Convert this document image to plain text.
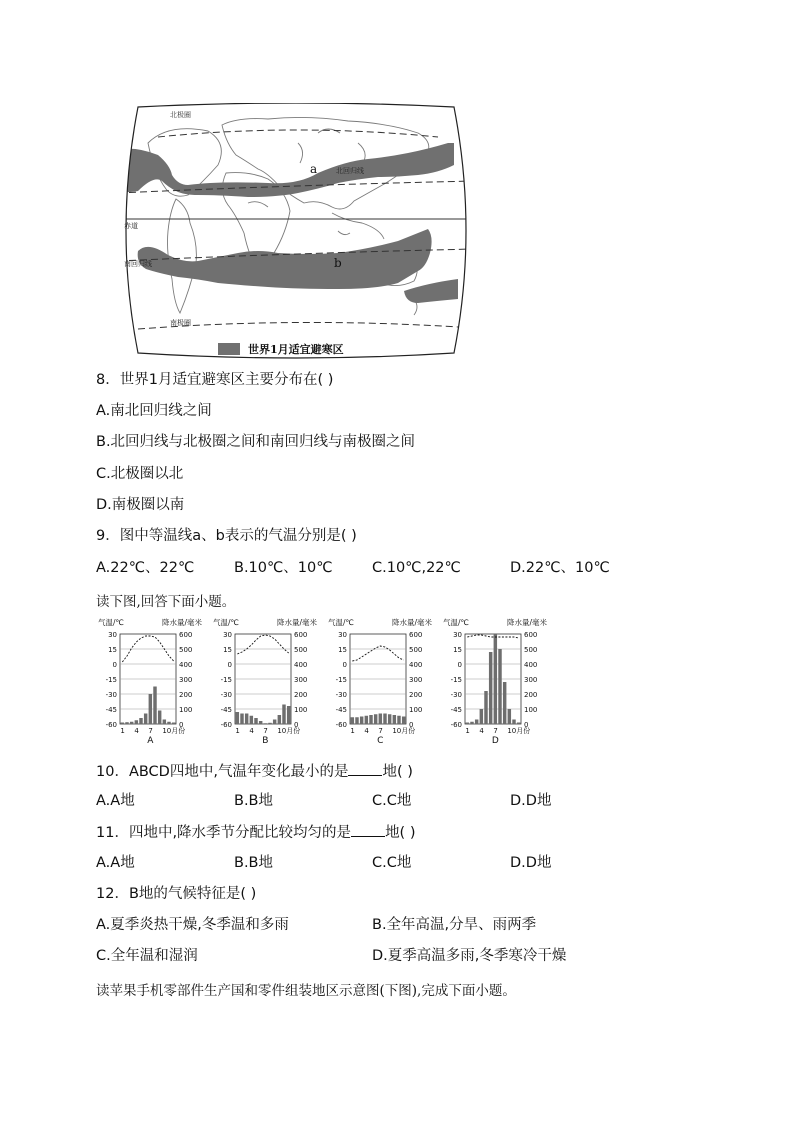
北极圈
北回归线
赤道
南回归线
南极圈
a
b
世界1月适宜避寒区
8．世界1月适宜避寒区主要分布在( )
A.南北回归线之间
B.北回归线与北极圈之间和南回归线与南极圈之间
C.北极圈以北
D.南极圈以南
9．图中等温线a、b表示的气温分别是( )
A.22℃、22℃	B.10℃、10℃	C.10℃,22℃	D.22℃、10℃
读下图,回答下面小题。
气温/℃	降水量/毫米
30	600
15	500
0	400
-15	300
-30	200
-45	100
-60	0
1 4 7 10月份
A
气温/℃	降水量/毫米
30	600
15	500
0	400
-15	300
-30	200
-45	100
-60	0
1 4 7 10月份
B
气温/℃	降水量/毫米
30	600
15	500
0	400
-15	300
-30	200
-45	100
-60	0
1 4 7 10月份
C
气温/℃	降水量/毫米
30	600
15	500
0	400
-15	300
-30	200
-45	100
-60	0
1 4 7 10月份
D
10．ABCD四地中,气温年变化最小的是 地( )
A.A地	B.B地	C.C地	D.D地
11．四地中,降水季节分配比较均匀的是 地( )
A.A地	B.B地	C.C地	D.D地
12．B地的气候特征是( )
A.夏季炎热干燥,冬季温和多雨	B.全年高温,分旱、雨两季
C.全年温和湿润	D.夏季高温多雨,冬季寒冷干燥
读苹果手机零部件生产国和零件组装地区示意图(下图),完成下面小题。
